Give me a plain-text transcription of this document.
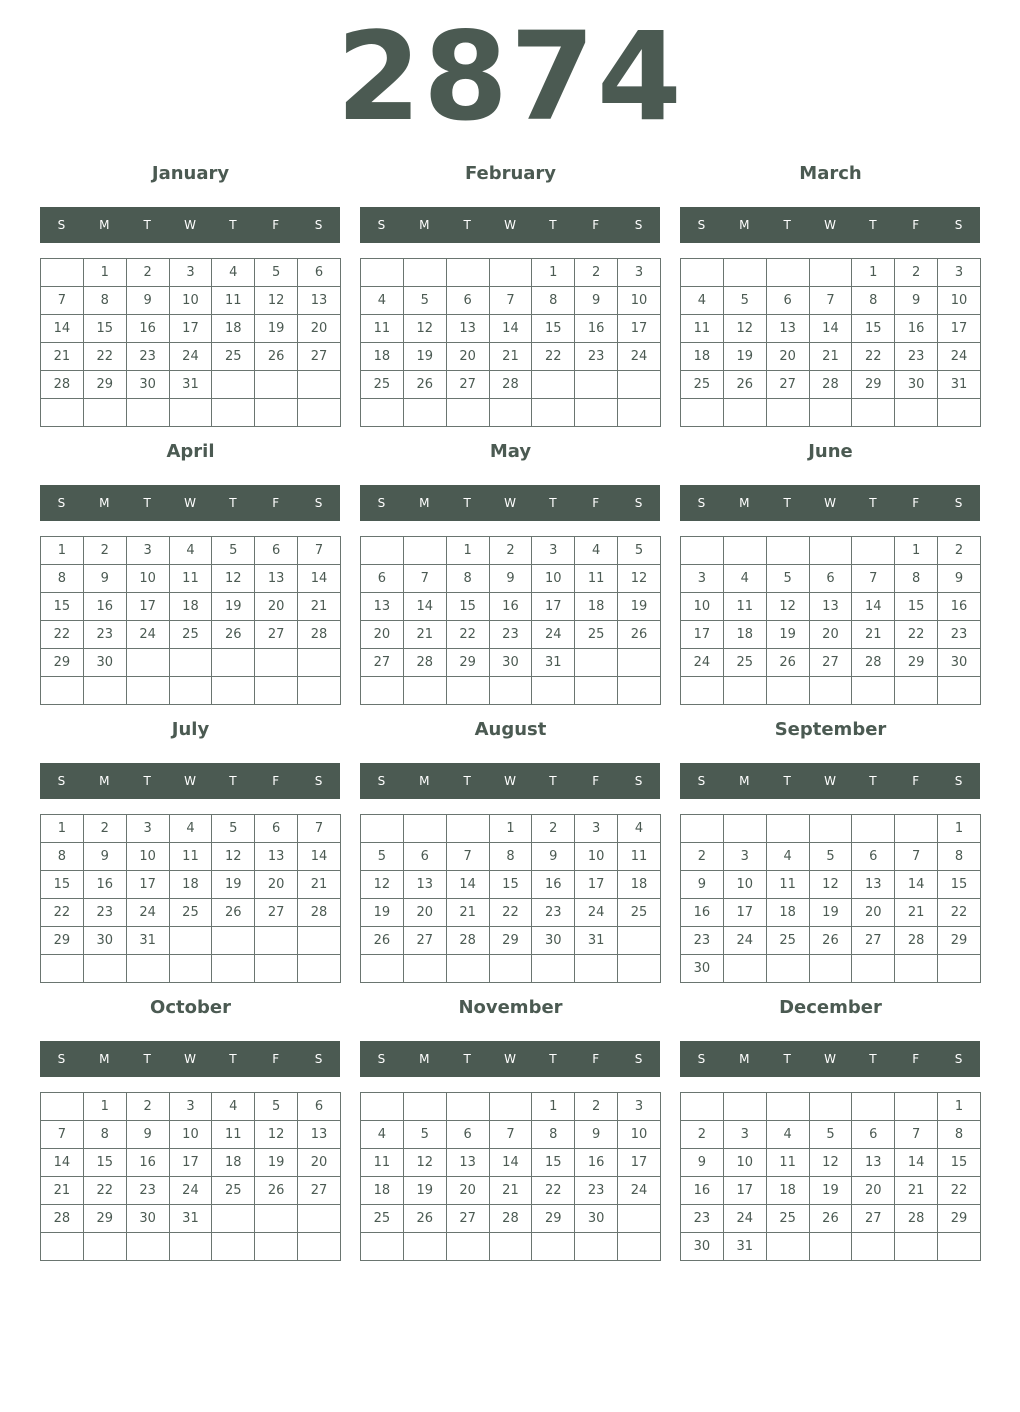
2874
January
S	M	T	W	T	F	S
	1	2	3	4	5	6
7	8	9	10	11	12	13
14	15	16	17	18	19	20
21	22	23	24	25	26	27
28	29	30	31			

February
S	M	T	W	T	F	S
				1	2	3
4	5	6	7	8	9	10
11	12	13	14	15	16	17
18	19	20	21	22	23	24
25	26	27	28			

March
S	M	T	W	T	F	S
				1	2	3
4	5	6	7	8	9	10
11	12	13	14	15	16	17
18	19	20	21	22	23	24
25	26	27	28	29	30	31

April
S	M	T	W	T	F	S
1	2	3	4	5	6	7
8	9	10	11	12	13	14
15	16	17	18	19	20	21
22	23	24	25	26	27	28
29	30					

May
S	M	T	W	T	F	S
		1	2	3	4	5
6	7	8	9	10	11	12
13	14	15	16	17	18	19
20	21	22	23	24	25	26
27	28	29	30	31		

June
S	M	T	W	T	F	S
					1	2
3	4	5	6	7	8	9
10	11	12	13	14	15	16
17	18	19	20	21	22	23
24	25	26	27	28	29	30

July
S	M	T	W	T	F	S
1	2	3	4	5	6	7
8	9	10	11	12	13	14
15	16	17	18	19	20	21
22	23	24	25	26	27	28
29	30	31				

August
S	M	T	W	T	F	S
			1	2	3	4
5	6	7	8	9	10	11
12	13	14	15	16	17	18
19	20	21	22	23	24	25
26	27	28	29	30	31	

September
S	M	T	W	T	F	S
						1
2	3	4	5	6	7	8
9	10	11	12	13	14	15
16	17	18	19	20	21	22
23	24	25	26	27	28	29
30						
October
S	M	T	W	T	F	S
	1	2	3	4	5	6
7	8	9	10	11	12	13
14	15	16	17	18	19	20
21	22	23	24	25	26	27
28	29	30	31			

November
S	M	T	W	T	F	S
				1	2	3
4	5	6	7	8	9	10
11	12	13	14	15	16	17
18	19	20	21	22	23	24
25	26	27	28	29	30	

December
S	M	T	W	T	F	S
						1
2	3	4	5	6	7	8
9	10	11	12	13	14	15
16	17	18	19	20	21	22
23	24	25	26	27	28	29
30	31					
